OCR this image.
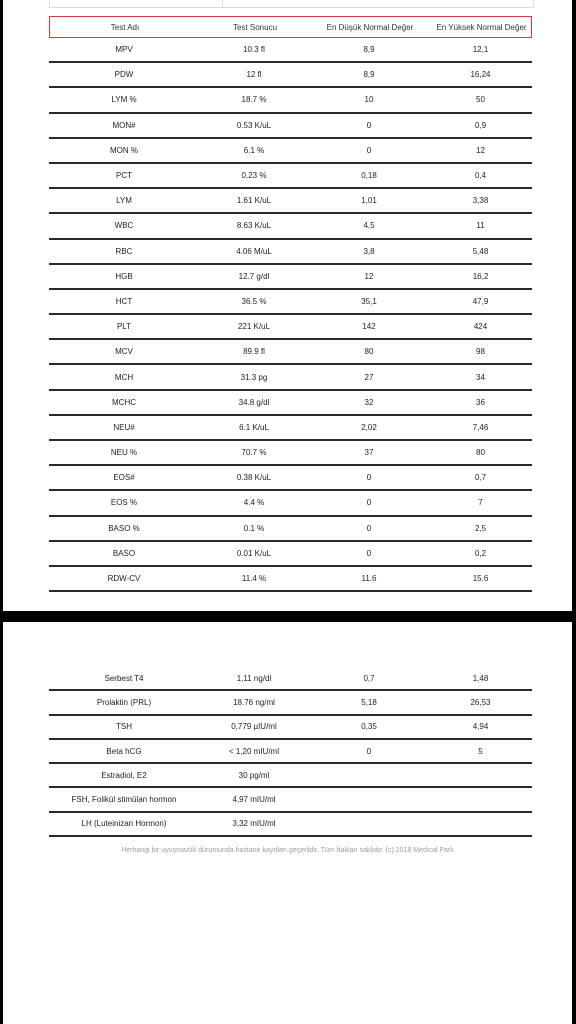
Test Adı	Test Sonucu	En Düşük Normal Değer	En Yüksek Normal Değer
MPV	10.3 fl	8,9	12,1
PDW	12 fl	8,9	16,24
LYM %	18.7 %	10	50
MON#	0.53 K/uL	0	0,9
MON %	6.1 %	0	12
PCT	0.23 %	0,18	0,4
LYM	1.61 K/uL	1,01	3,38
WBC	8.63 K/uL	4,5	11
RBC	4.06 M/uL	3,8	5,48
HGB	12.7 g/dl	12	16,2
HCT	36.5 %	35,1	47,9
PLT	221 K/uL	142	424
MCV	89.9 fl	80	98
MCH	31.3 pg	27	34
MCHC	34.8 g/dl	32	36
NEU#	6.1 K/uL	2,02	7,46
NEU %	70.7 %	37	80
EOS#	0.38 K/uL	0	0,7
EOS %	4.4 %	0	7
BASO %	0.1 %	0	2,5
BASO	0.01 K/uL	0	0,2
RDW-CV	11.4 %	11.6	15.6
Serbest T4	1,11 ng/dl	0,7	1,48
Prolaktin (PRL)	18.76 ng/ml	5,18	26,53
TSH	0,779 µIU/ml	0,35	4,94
Beta hCG	< 1,20 mIU/ml	0	5
Estradiol, E2	30 pg/ml
FSH, Folikül stimülan hormon	4,97 mIU/ml
LH (Luteinizan Hormon)	3,32 mIU/ml
Herhangi bir uyuşmazlık durumunda hastane kayıtları geçerlidir. Tüm hakları saklıdır. (c) 2018 Medical Park
